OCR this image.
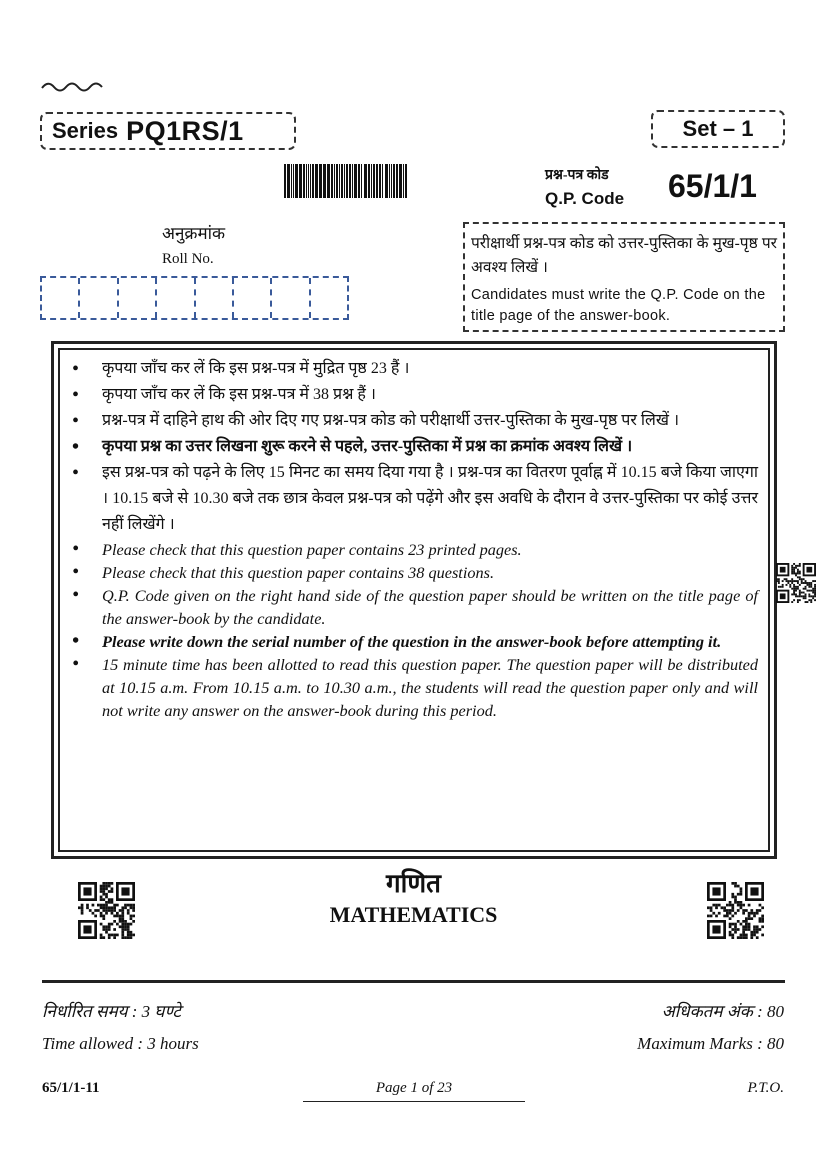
Series PQ1RS/1	Set – 1
प्रश्न-पत्र कोड
Q.P. Code 65/1/1
अनुक्रमांक
Roll No.
परीक्षार्थी प्रश्न-पत्र कोड को उत्तर-पुस्तिका के मुख-पृष्ठ पर अवश्य लिखें ।
Candidates must write the Q.P. Code on the title page of the answer-book.
• कृपया जाँच कर लें कि इस प्रश्न-पत्र में मुद्रित पृष्ठ 23 हैं ।
• कृपया जाँच कर लें कि इस प्रश्न-पत्र में 38 प्रश्न हैं ।
• प्रश्न-पत्र में दाहिने हाथ की ओर दिए गए प्रश्न-पत्र कोड को परीक्षार्थी उत्तर-पुस्तिका के मुख-पृष्ठ पर लिखें ।
• कृपया प्रश्न का उत्तर लिखना शुरू करने से पहले, उत्तर-पुस्तिका में प्रश्न का क्रमांक अवश्य लिखें ।
• इस प्रश्न-पत्र को पढ़ने के लिए 15 मिनट का समय दिया गया है । प्रश्न-पत्र का वितरण पूर्वाह्न में 10.15 बजे किया जाएगा । 10.15 बजे से 10.30 बजे तक छात्र केवल प्रश्न-पत्र को पढ़ेंगे और इस अवधि के दौरान वे उत्तर-पुस्तिका पर कोई उत्तर नहीं लिखेंगे ।
• Please check that this question paper contains 23 printed pages.
• Please check that this question paper contains 38 questions.
• Q.P. Code given on the right hand side of the question paper should be written on the title page of the answer-book by the candidate.
• Please write down the serial number of the question in the answer-book before attempting it.
• 15 minute time has been allotted to read this question paper. The question paper will be distributed at 10.15 a.m. From 10.15 a.m. to 10.30 a.m., the students will read the question paper only and will not write any answer on the answer-book during this period.
गणित
MATHEMATICS
निर्धारित समय : 3 घण्टे
Time allowed : 3 hours
अधिकतम अंक : 80
Maximum Marks : 80
65/1/1-11	Page 1 of 23	P.T.O.
